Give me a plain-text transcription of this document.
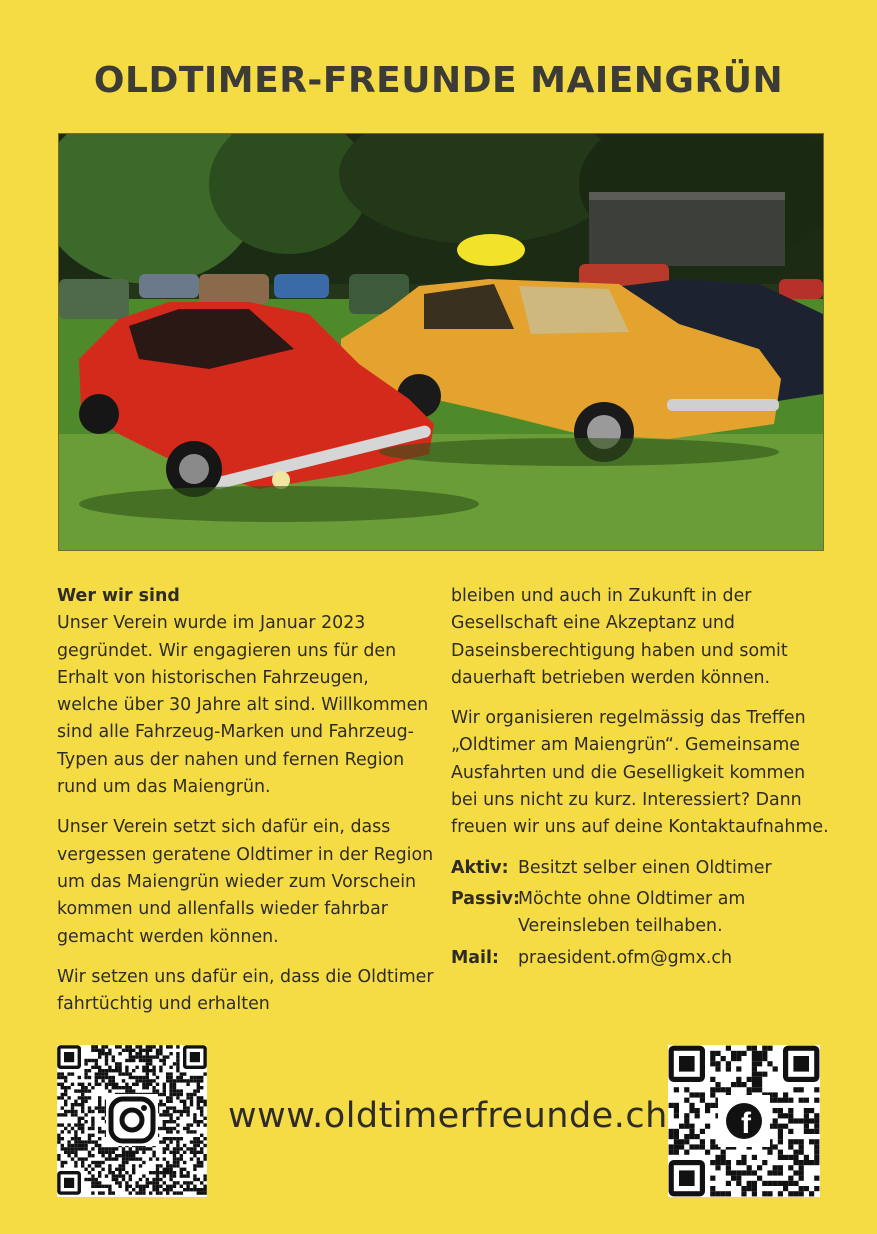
OLDTIMER-FREUNDE MAIENGRÜN
Wer wir sind

Unser Verein wurde im Januar 2023 gegründet. Wir engagieren uns für den Erhalt von historischen Fahrzeugen, welche über 30 Jahre alt sind. Willkommen sind alle Fahrzeug-Marken und Fahrzeug-Typen aus der nahen und fernen Region rund um das Maiengrün.

Unser Verein setzt sich dafür ein, dass vergessen geratene Oldtimer in der Region um das Maiengrün wieder zum Vorschein kommen und allenfalls wieder fahrbar gemacht werden können.

Wir setzen uns dafür ein, dass die Oldtimer fahrtüchtig und erhalten

bleiben und auch in Zukunft in der Gesellschaft eine Akzeptanz und Daseinsberechtigung haben und somit dauerhaft betrieben werden können.

Wir organisieren regelmässig das Treffen „Oldtimer am Maiengrün“. Gemeinsame Ausfahrten und die Geselligkeit kommen bei uns nicht zu kurz. Interessiert? Dann freuen wir uns auf deine Kontaktaufnahme.

Aktiv: Besitzt selber einen Oldtimer
Passiv:
Möchte ohne Oldtimer am Vereinsleben teilhaben.
Mail:	praesident.ofm@gmx.ch
www.oldtimerfreunde.ch f
